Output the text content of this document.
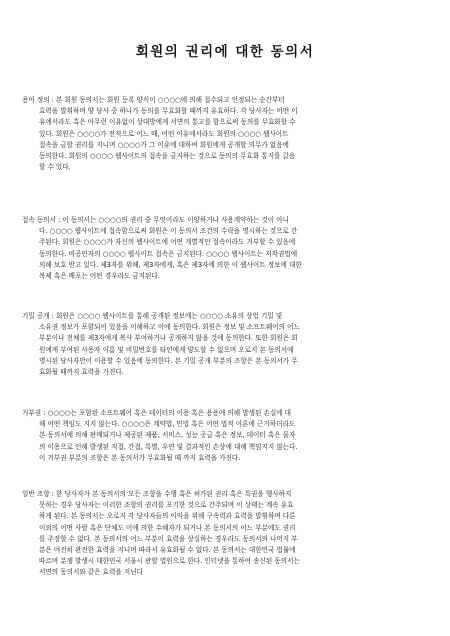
회원의 권리에 대한 동의서
용어 정의 : 본 회원 동의서는 회원 등록 양식이 ○○○○에 의해 접수되고 인정되는 순간부터
효력을 발휘하며 양 당사 중 하나가 동의를 무효화할 때까지 유효하다. 각 당사자는 어떤 이
유에서라도 혹은 아무런 이유없이 상대방에게 서면의 통고를 함으로써 동의를 무효화할 수
있다. 회원은 ○○○○가 전적으로 어느 때, 어떤 이유에서라도 회원의 ○○○○ 웹사이트
접속을 금할 권리를 지니며 ○○○○가 그 이유에 대하여 회원에게 공개할 의무가 없음에
동의한다. 회원의 ○○○○ 웹사이트의 접속을 금지하는 것으로 동의의 무효화 통지를 갈음
할 수 있다.
접속 동의서 : 이 동의서는 ○○○○의 권리 중 무엇이라도 이양하거나 사용계약하는 것이 아니
다. ○○○○ 웹사이트에 접속함으로써 회원은 이 동의서 조건의 수락을 명시하는 것으로 간
주된다. 회원은 ○○○○가 자신의 웹사이트에 어떤 개별적인 접속이라도 거부할 수 있음에
동의한다. 비공인자의 ○○○○ 웹사이트 접속은 금지된다. ○○○○ 웹사이트는 저작권법에
의해 보호 받고 있다. 제3자를 위해, 제3자에게, 혹은 제3자에 의한 이 웹사이트 정보에 대한
복제 혹은 배포는 어떤 경우라도 금지된다.
기밀 공개 : 회원은 ○○○○ 웹사이트를 통해 공개된 정보에는 ○○○○ 소유의 상업 기밀 및
소유권 정보가 포함되어 있음을 이해하고 이에 동의한다. 회원은 정보 및 소프트웨어의 어느
부분이나 전체를 제3자에게 복사 부여하거나 공개하지 않을 것에 동의한다. 또한 회원은 회
원에게 부여된 사용자 이름 및 비밀번호를 타인에게 양도할 수 없으며 오로지 본 동의서에
명시된 당사자만이 이용할 수 있음에 동의한다. 본 기밀 공개 부분의 조항은 본 동의서가 무
효화될 때까지 효력을 가진다.
거부권 : ○○○○는 포함된 소프트웨어 혹은 데이터의 이용 혹은 용용에 의해 발생된 손실에 대
해 어떤 책임도 지지 않는다. ○○○○은 계약법, 민법 혹은 어떤 법적 이론에 근거하더라도
본 동의서에 의해 판매되거나 제공된 제품, 서비스, 성능 공급 혹은 정보, 데이터 혹은 물자
의 이용으로 인해 발생된 직접, 간접, 특별, 우연 및 결과적인 손상에 대해 책임지지 않는다.
이 거부권 부분의 조항은 본 동의서가 무효화될 때 까지 효력을 가진다.
일반 조항 : 한 당사자가 본 동의서의 모든 조항을 수행 혹은 허가된 권리 혹은 특권을 행사하지
못하는 경우 당사자는 이러한 조항의 권리를 포기한 것으로 간주되며 이 상태는 계속 유효
하게 된다. 본 동의서는 오로지 각 당사자들의 이익을 위해 구속력과 효력을 발휘하며 다른
이외의 어떤 사람 혹은 단체도 이에 의한 수혜자가 되거나 본 동의서의 어느 부분에도 권리
를 주장할 수 없다. 본 동의서의 어느 부분이 효력을 상실하는 경우라도 동의서의 나머지 부
분은 여전히 완전한 효력을 지니며 따라서 유효화될 수 없다. 본 동의서는 대한민국 법률에
따르며 분쟁 발생시 대한민국 서울시 관할 법원으로 한다. 인터넷을 통하여 송신된 동의서는
서면의 동의서와 같은 효력을 지닌다
